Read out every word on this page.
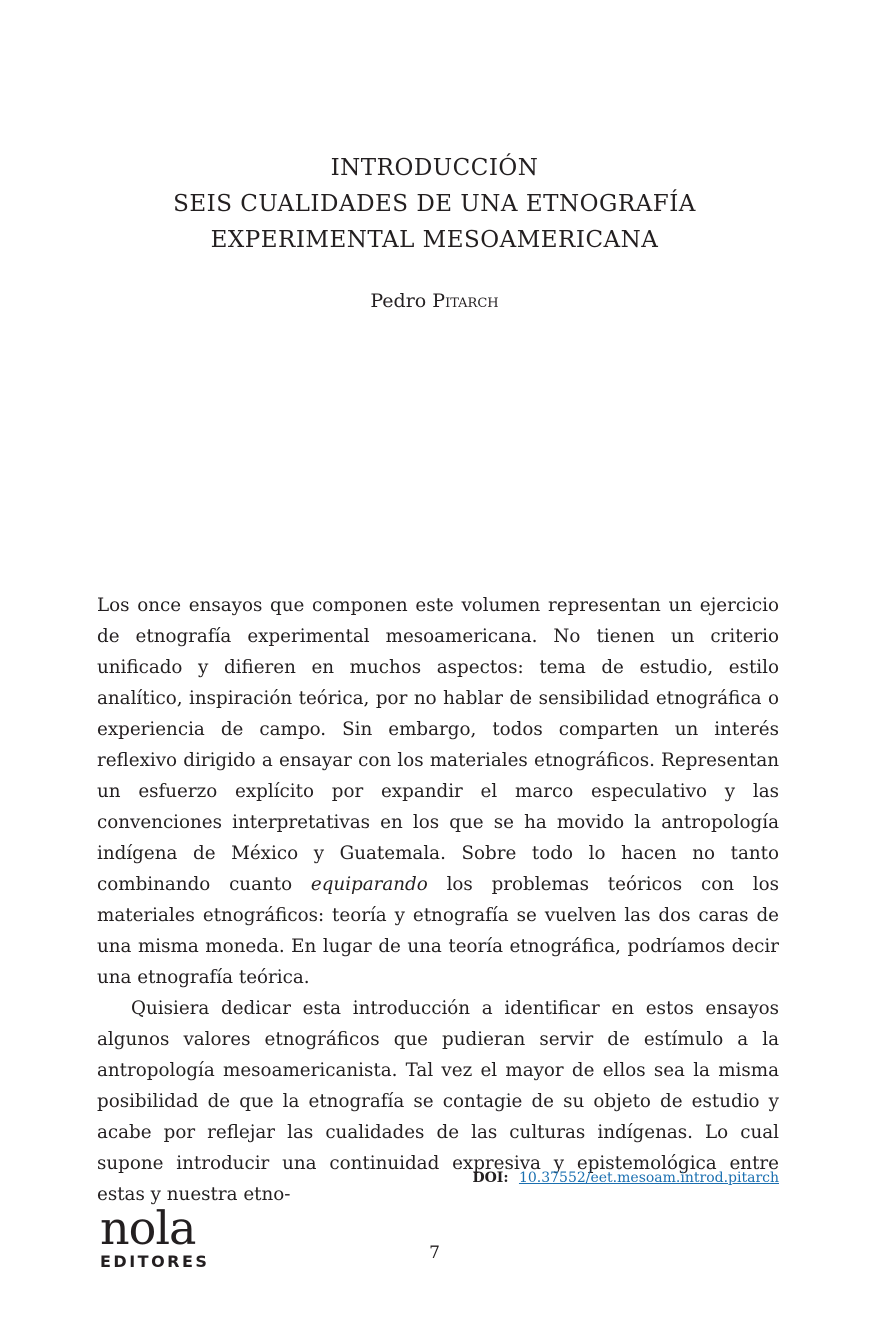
INTRODUCCIÓN
SEIS CUALIDADES DE UNA ETNOGRAFÍA
EXPERIMENTAL MESOAMERICANA
Pedro Pitarch

Los once ensayos que componen este volumen representan un ejercicio de etnografía experimental mesoamericana. No tienen un criterio unificado y difieren en muchos aspectos: tema de estudio, estilo analítico, inspiración teórica, por no hablar de sensibilidad etnográfica o experiencia de campo. Sin embargo, todos comparten un interés reflexivo dirigido a ensayar con los materiales etnográficos. Representan un esfuerzo explícito por expandir el marco especulativo y las convenciones interpretativas en los que se ha movido la antropología indígena de México y Guatemala. Sobre todo lo hacen no tanto combinando cuanto equiparando los problemas teóricos con los materiales etnográficos: teoría y etnografía se vuelven las dos caras de una misma moneda. En lugar de una teoría etnográfica, podríamos decir una etnografía teórica.

Quisiera dedicar esta introducción a identificar en estos ensayos algunos valores etnográficos que pudieran servir de estímulo a la antropología mesoamericanista. Tal vez el mayor de ellos sea la misma posibilidad de que la etnografía se contagie de su objeto de estudio y acabe por reflejar las cualidades de las culturas indígenas. Lo cual supone introducir una continuidad expresiva y epistemológica entre estas y nuestra etno-

DOI: 10.37552/eet.mesoam.introd.pitarch
nola
EDITORES	7
